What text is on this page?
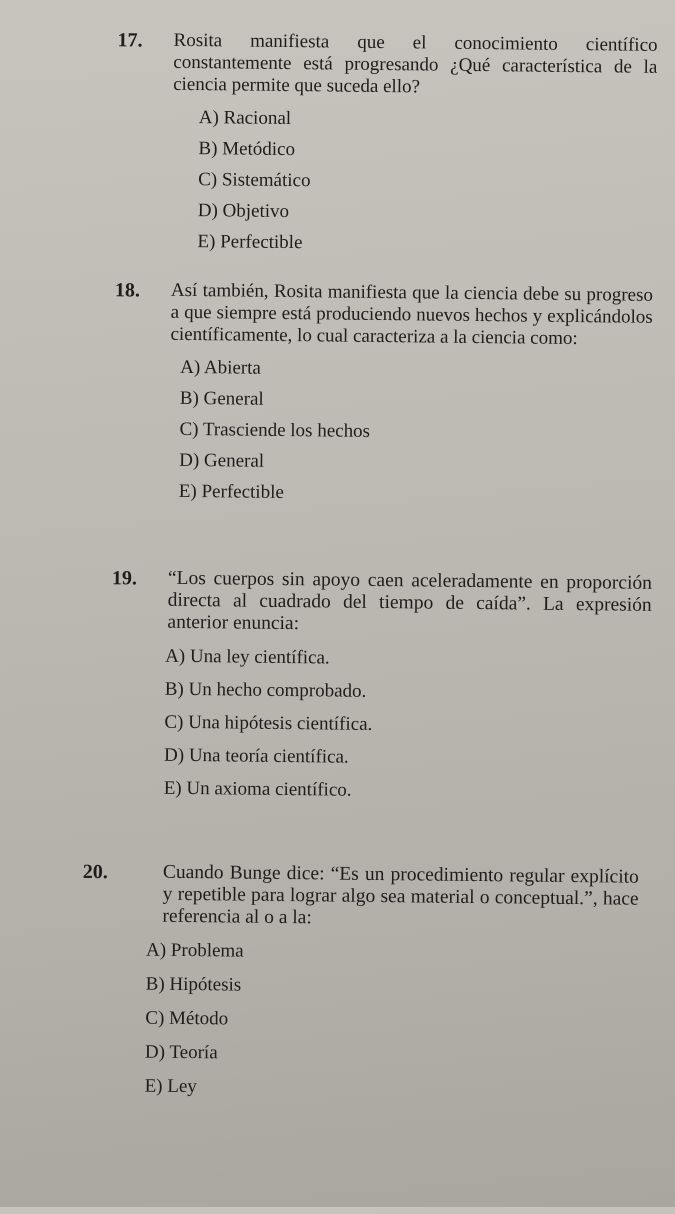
17.	Rosita manifiesta que el conocimiento científico constantemente está progresando ¿Qué característica de la ciencia permite que suceda ello?

A) Racional
B) Metódico
C) Sistemático
D) Objetivo
E) Perfectible
18.	Así también, Rosita manifiesta que la ciencia debe su progreso a que siempre está produciendo nuevos hechos y explicándolos científicamente, lo cual caracteriza a la ciencia como:

A) Abierta
B) General
C) Trasciende los hechos
D) General
E) Perfectible
19.	“Los cuerpos sin apoyo caen aceleradamente en proporción directa al cuadrado del tiempo de caída”. La expresión anterior enuncia:

A) Una ley científica.
B) Un hecho comprobado.
C) Una hipótesis científica.
D) Una teoría científica.
E) Un axioma científico.
20.	Cuando Bunge dice: “Es un procedimiento regular explícito y repetible para lograr algo sea material o conceptual.”, hace referencia al o a la:

A) Problema
B) Hipótesis
C) Método
D) Teoría
E) Ley
